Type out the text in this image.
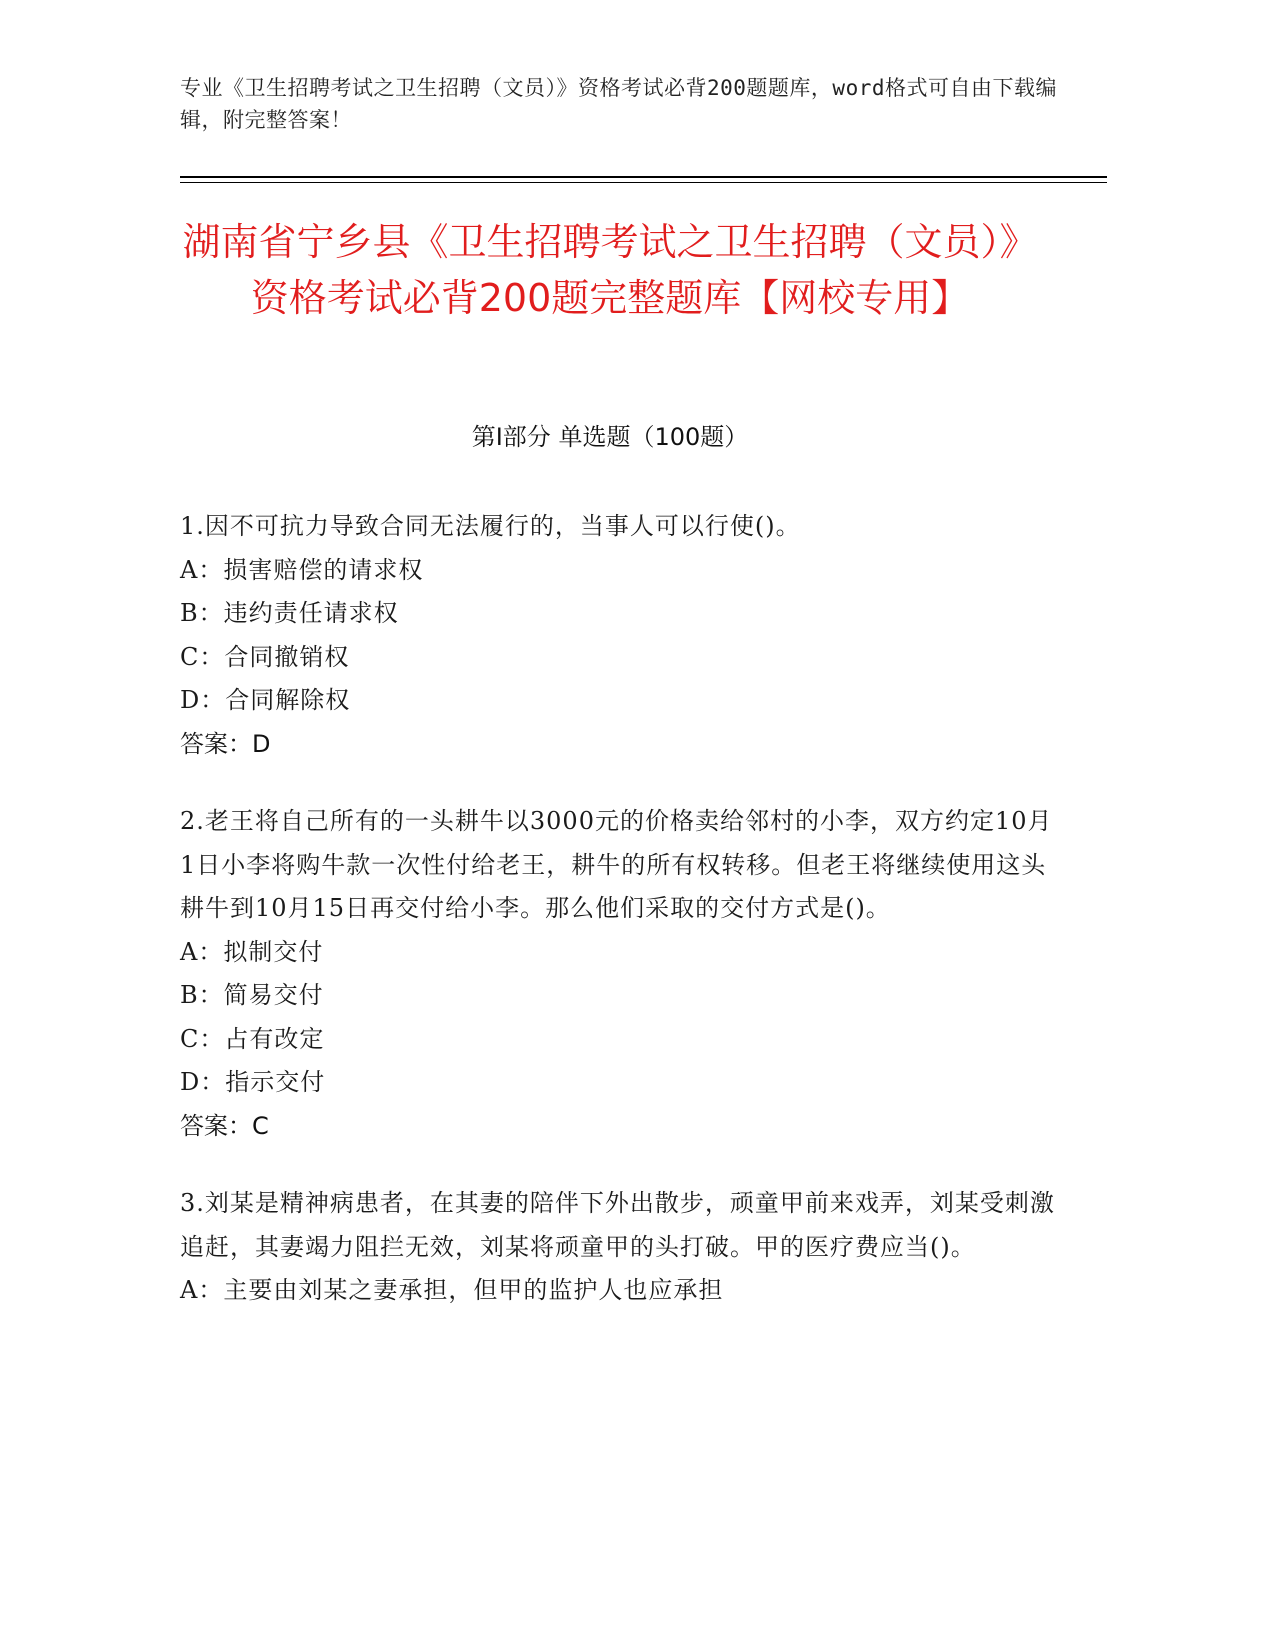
专业《卫生招聘考试之卫生招聘（文员）》资格考试必背200题题库，word格式可自由下载编辑，附完整答案！
湖南省宁乡县《卫生招聘考试之卫生招聘（文员）》资格考试必背200题完整题库【网校专用】
第I部分 单选题（100题）
1.因不可抗力导致合同无法履行的，当事人可以行使()。
A：损害赔偿的请求权
B：违约责任请求权
C：合同撤销权
D：合同解除权
答案：D
2.老王将自己所有的一头耕牛以3000元的价格卖给邻村的小李，双方约定10月1日小李将购牛款一次性付给老王，耕牛的所有权转移。但老王将继续使用这头耕牛到10月15日再交付给小李。那么他们采取的交付方式是()。
A：拟制交付
B：简易交付
C：占有改定
D：指示交付
答案：C
3.刘某是精神病患者，在其妻的陪伴下外出散步，顽童甲前来戏弄，刘某受刺激追赶，其妻竭力阻拦无效，刘某将顽童甲的头打破。甲的医疗费应当()。
A：主要由刘某之妻承担，但甲的监护人也应承担
